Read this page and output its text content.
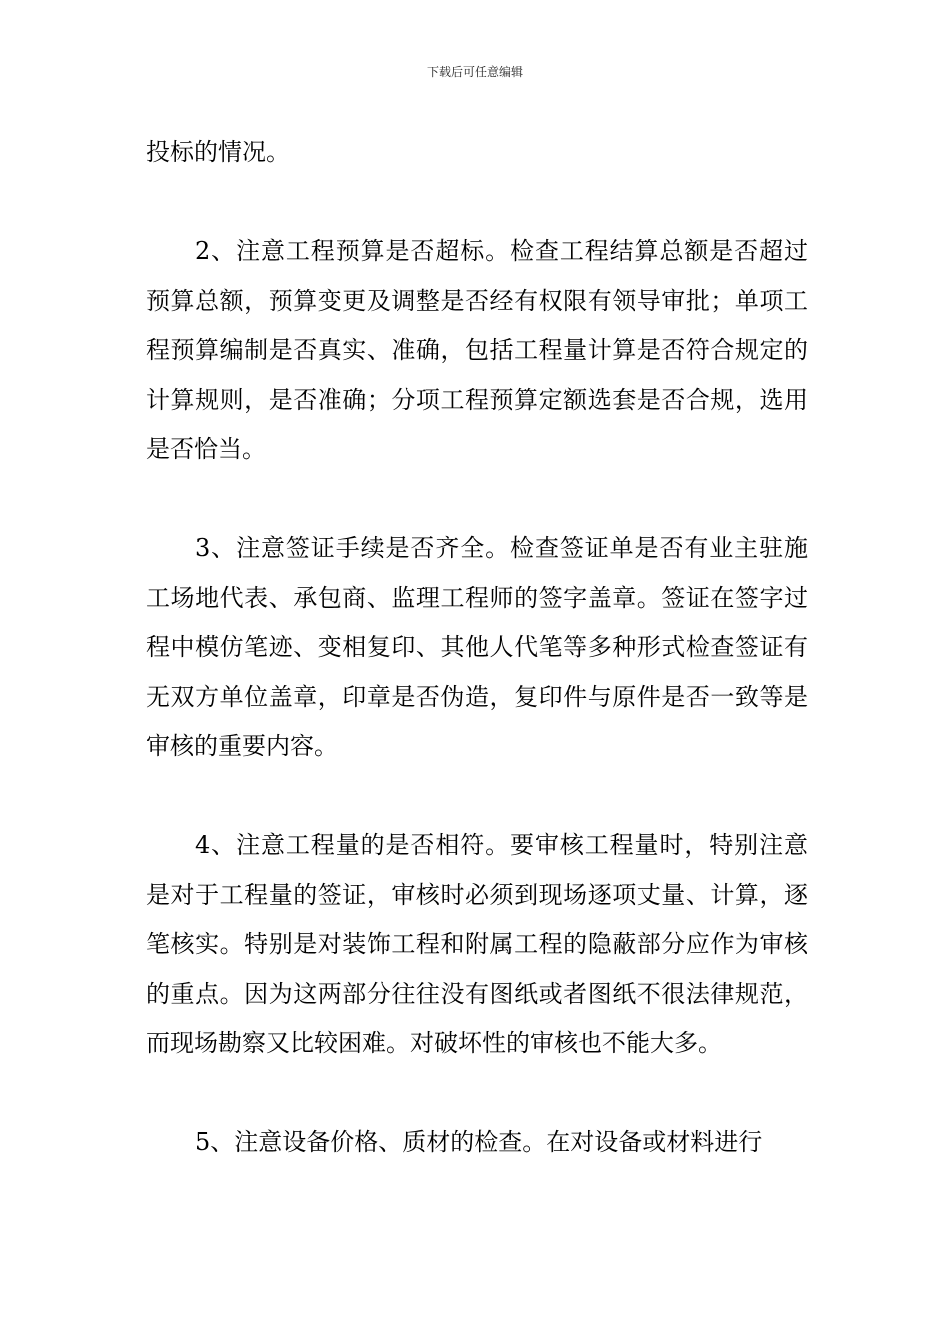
下载后可任意编辑

投标的情况。

2、注意工程预算是否超标。检查工程结算总额是否超过预算总额，预算变更及调整是否经有权限有领导审批；单项工程预算编制是否真实、准确，包括工程量计算是否符合规定的计算规则，是否准确；分项工程预算定额选套是否合规，选用是否恰当。

3、注意签证手续是否齐全。检查签证单是否有业主驻施工场地代表、承包商、监理工程师的签字盖章。签证在签字过程中模仿笔迹、变相复印、其他人代笔等多种形式检查签证有无双方单位盖章，印章是否伪造，复印件与原件是否一致等是审核的重要内容。

4、注意工程量的是否相符。要审核工程量时，特别注意是对于工程量的签证，审核时必须到现场逐项丈量、计算，逐笔核实。特别是对装饰工程和附属工程的隐蔽部分应作为审核的重点。因为这两部分往往没有图纸或者图纸不很法律规范，而现场勘察又比较困难。对破坏性的审核也不能大多。

5、注意设备价格、质材的检查。在对设备或材料进行
